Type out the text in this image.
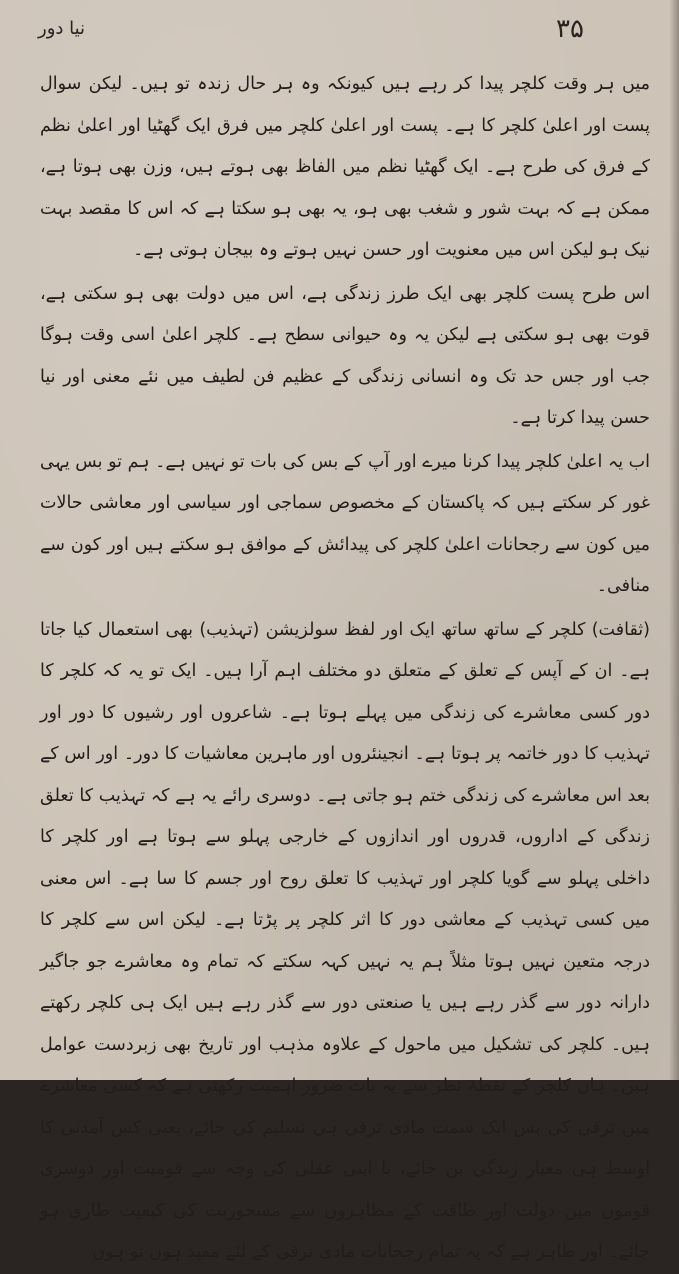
نیا دور	٣۵

میں ہر وقت کلچر پیدا کر رہے ہیں کیونکہ وہ ہر حال زندہ تو ہیں۔ لیکن سوال پست اور اعلیٰ کلچر کا ہے۔ پست اور اعلیٰ کلچر میں فرق ایک گھٹیا اور اعلیٰ نظم کے فرق کی طرح ہے۔ ایک گھٹیا نظم میں الفاظ بھی ہوتے ہیں، وزن بھی ہوتا ہے، ممکن ہے کہ بہت شور و شغب بھی ہو، یہ بھی ہو سکتا ہے کہ اس کا مقصد بہت نیک ہو لیکن اس میں معنویت اور حسن نہیں ہوتے وہ بیجان ہوتی ہے۔

اس طرح پست کلچر بھی ایک طرز زندگی ہے، اس میں دولت بھی ہو سکتی ہے، قوت بھی ہو سکتی ہے لیکن یہ وہ حیوانی سطح ہے۔ کلچر اعلیٰ اسی وقت ہوگا جب اور جس حد تک وہ انسانی زندگی کے عظیم فن لطیف میں نئے معنی اور نیا حسن پیدا کرتا ہے۔

اب یہ اعلیٰ کلچر پیدا کرنا میرے اور آپ کے بس کی بات تو نہیں ہے۔ ہم تو بس یہی غور کر سکتے ہیں کہ پاکستان کے مخصوص سماجی اور سیاسی اور معاشی حالات میں کون سے رجحانات اعلیٰ کلچر کی پیدائش کے موافق ہو سکتے ہیں اور کون سے منافی۔

(ثقافت) کلچر کے ساتھ ساتھ ایک اور لفظ سولزیشن (تہذیب) بھی استعمال کیا جاتا ہے۔ ان کے آپس کے تعلق کے متعلق دو مختلف اہم آرا ہیں۔ ایک تو یہ کہ کلچر کا دور کسی معاشرے کی زندگی میں پہلے ہوتا ہے۔ شاعروں اور رشیوں کا دور اور تہذیب کا دور خاتمہ پر ہوتا ہے۔ انجینئروں اور ماہرین معاشیات کا دور۔ اور اس کے بعد اس معاشرے کی زندگی ختم ہو جاتی ہے۔ دوسری رائے یہ ہے کہ تہذیب کا تعلق زندگی کے اداروں، قدروں اور اندازوں کے خارجی پہلو سے ہوتا ہے اور کلچر کا داخلی پہلو سے گویا کلچر اور تہذیب کا تعلق روح اور جسم کا سا ہے۔ اس معنی میں کسی تہذیب کے معاشی دور کا اثر کلچر پر پڑتا ہے۔ لیکن اس سے کلچر کا درجہ متعین نہیں ہوتا مثلاً ہم یہ نہیں کہہ سکتے کہ تمام وہ معاشرے جو جاگیر دارانہ دور سے گذر رہے ہیں یا صنعتی دور سے گذر رہے ہیں ایک ہی کلچر رکھتے ہیں۔ کلچر کی تشکیل میں ماحول کے علاوہ مذہب اور تاریخ بھی زبردست عوامل ہیں۔ ہاں کلچر کے نقطۂ نظر سے یہ بات ضرور اہمیت رکھتی ہے کہ کسی معاشرے میں ترقی کی بس ایک سمت مادی ترقی ہی تسلیم کی جائے، یعنی کس آمدنی کا اوسط ہی معیار زندگی بن جائے، یا اپنی عقلی کی وجہ سے قومیت اور دوسری قوموں میں دولت اور طاقت کے مظاہروں سے مسحوریت کی کیفیت طاری ہو جائے۔ اور ظاہر ہے کہ یہ تمام رجحانات مادی ترقی کے لئے مفید ہوں تو ہوں
